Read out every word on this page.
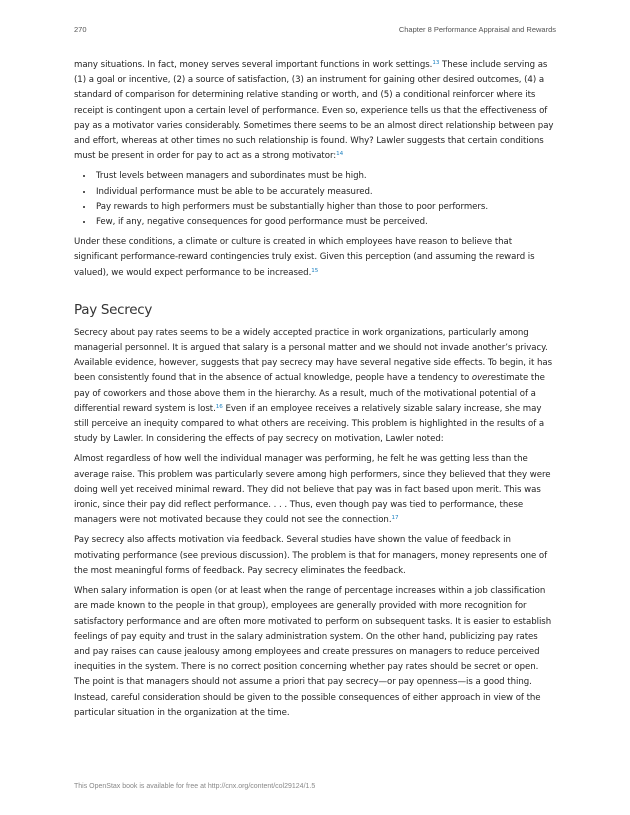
270	Chapter 8 Performance Appraisal and Rewards

many situations. In fact, money serves several important functions in work settings.$^{13}$ These include serving as (1) a goal or incentive, (2) a source of satisfaction, (3) an instrument for gaining other desired outcomes, (4) a standard of comparison for determining relative standing or worth, and (5) a conditional reinforcer where its receipt is contingent upon a certain level of performance. Even so, experience tells us that the effectiveness of pay as a motivator varies considerably. Sometimes there seems to be an almost direct relationship between pay and effort, whereas at other times no such relationship is found. Why? Lawler suggests that certain conditions must be present in order for pay to act as a strong motivator:$^{14}$

• Trust levels between managers and subordinates must be high.
• Individual performance must be able to be accurately measured.
• Pay rewards to high performers must be substantially higher than those to poor performers.
• Few, if any, negative consequences for good performance must be perceived.

Under these conditions, a climate or culture is created in which employees have reason to believe that significant performance-reward contingencies truly exist. Given this perception (and assuming the reward is valued), we would expect performance to be increased.$^{15}$

Pay Secrecy

Secrecy about pay rates seems to be a widely accepted practice in work organizations, particularly among managerial personnel. It is argued that salary is a personal matter and we should not invade another’s privacy. Available evidence, however, suggests that pay secrecy may have several negative side effects. To begin, it has been consistently found that in the absence of actual knowledge, people have a tendency to overestimate the pay of coworkers and those above them in the hierarchy. As a result, much of the motivational potential of a differential reward system is lost.$^{16}$ Even if an employee receives a relatively sizable salary increase, she may still perceive an inequity compared to what others are receiving. This problem is highlighted in the results of a study by Lawler. In considering the effects of pay secrecy on motivation, Lawler noted:

Almost regardless of how well the individual manager was performing, he felt he was getting less than the average raise. This problem was particularly severe among high performers, since they believed that they were doing well yet received minimal reward. They did not believe that pay was in fact based upon merit. This was ironic, since their pay did reflect performance. . . . Thus, even though pay was tied to performance, these managers were not motivated because they could not see the connection.$^{17}$

Pay secrecy also affects motivation via feedback. Several studies have shown the value of feedback in motivating performance (see previous discussion). The problem is that for managers, money represents one of the most meaningful forms of feedback. Pay secrecy eliminates the feedback.

When salary information is open (or at least when the range of percentage increases within a job classification are made known to the people in that group), employees are generally provided with more recognition for satisfactory performance and are often more motivated to perform on subsequent tasks. It is easier to establish feelings of pay equity and trust in the salary administration system. On the other hand, publicizing pay rates and pay raises can cause jealousy among employees and create pressures on managers to reduce perceived inequities in the system. There is no correct position concerning whether pay rates should be secret or open. The point is that managers should not assume a priori that pay secrecy—or pay openness—is a good thing. Instead, careful consideration should be given to the possible consequences of either approach in view of the particular situation in the organization at the time.

This OpenStax book is available for free at http://cnx.org/content/col29124/1.5
